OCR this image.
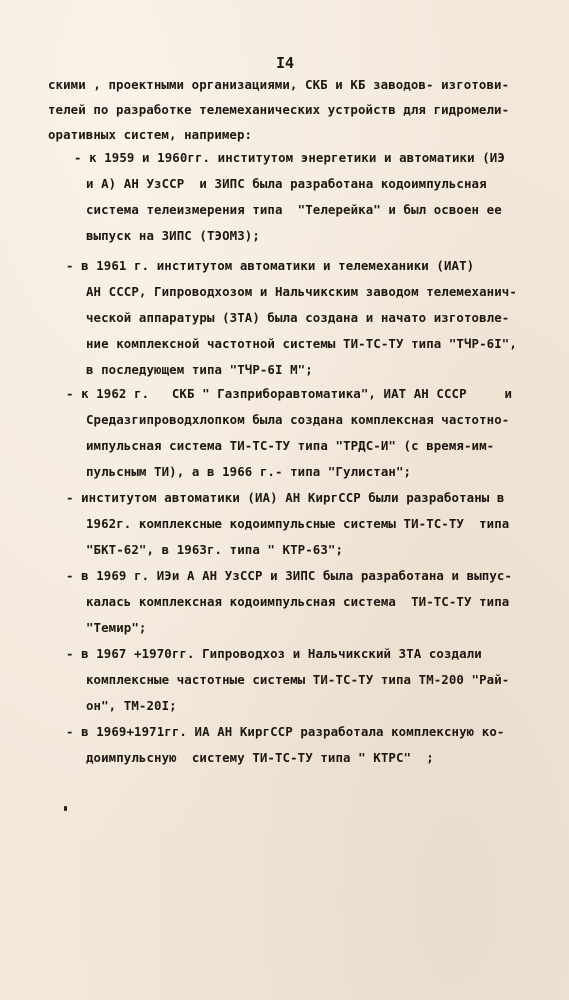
I4
скими , проектными организациями, СКБ и КБ заводов- изготови-
телей по разработке телемеханических устройств для гидромели-
оративных систем, например:
- к 1959 и 1960гг. институтом энергетики и автоматики (ИЭ
и А) АН УзССР  и ЗИПС была разработана кодоимпульсная
система телеизмерения типа  "Телерейка" и был освоен ее
выпуск на ЗИПС (ТЭОМЗ);
- в 1961 г. институтом автоматики и телемеханики (ИАТ)
АН СССР, Гипроводхозом и Нальчикским заводом телемеханич-
ческой аппаратуры (ЗТА) была создана и начато изготовле-
ние комплексной частотной системы ТИ-ТС-ТУ типа "ТЧР-6I",
в последующем типа "ТЧР-6I М";
- к 1962 г.   СКБ " Газприборавтоматика", ИАТ АН СССР     и
Средазгипроводхлопком была создана комплексная частотно-
импульсная система ТИ-ТС-ТУ типа "ТРДС-И" (с время-им-
пульсным ТИ), а в 1966 г.- типа "Гулистан";
- институтом автоматики (ИА) АН КиргССР были разработаны в
1962г. комплексные кодоимпульсные системы ТИ-ТС-ТУ  типа
"БКТ-62", в 1963г. типа " КТР-63";
- в 1969 г. ИЭи А АН УзССР и ЗИПС была разработана и выпус-
калась комплексная кодоимпульсная система  ТИ-ТС-ТУ типа
"Темир";
- в 1967 +1970гг. Гипроводхоз и Нальчикский ЗТА создали
комплексные частотные системы ТИ-ТС-ТУ типа ТМ-200 "Рай-
он", ТМ-20I;
- в 1969+1971гг. ИА АН КиргССР разработала комплексную ко-
доимпульсную  систему ТИ-ТС-ТУ типа " КТРС"  ;
